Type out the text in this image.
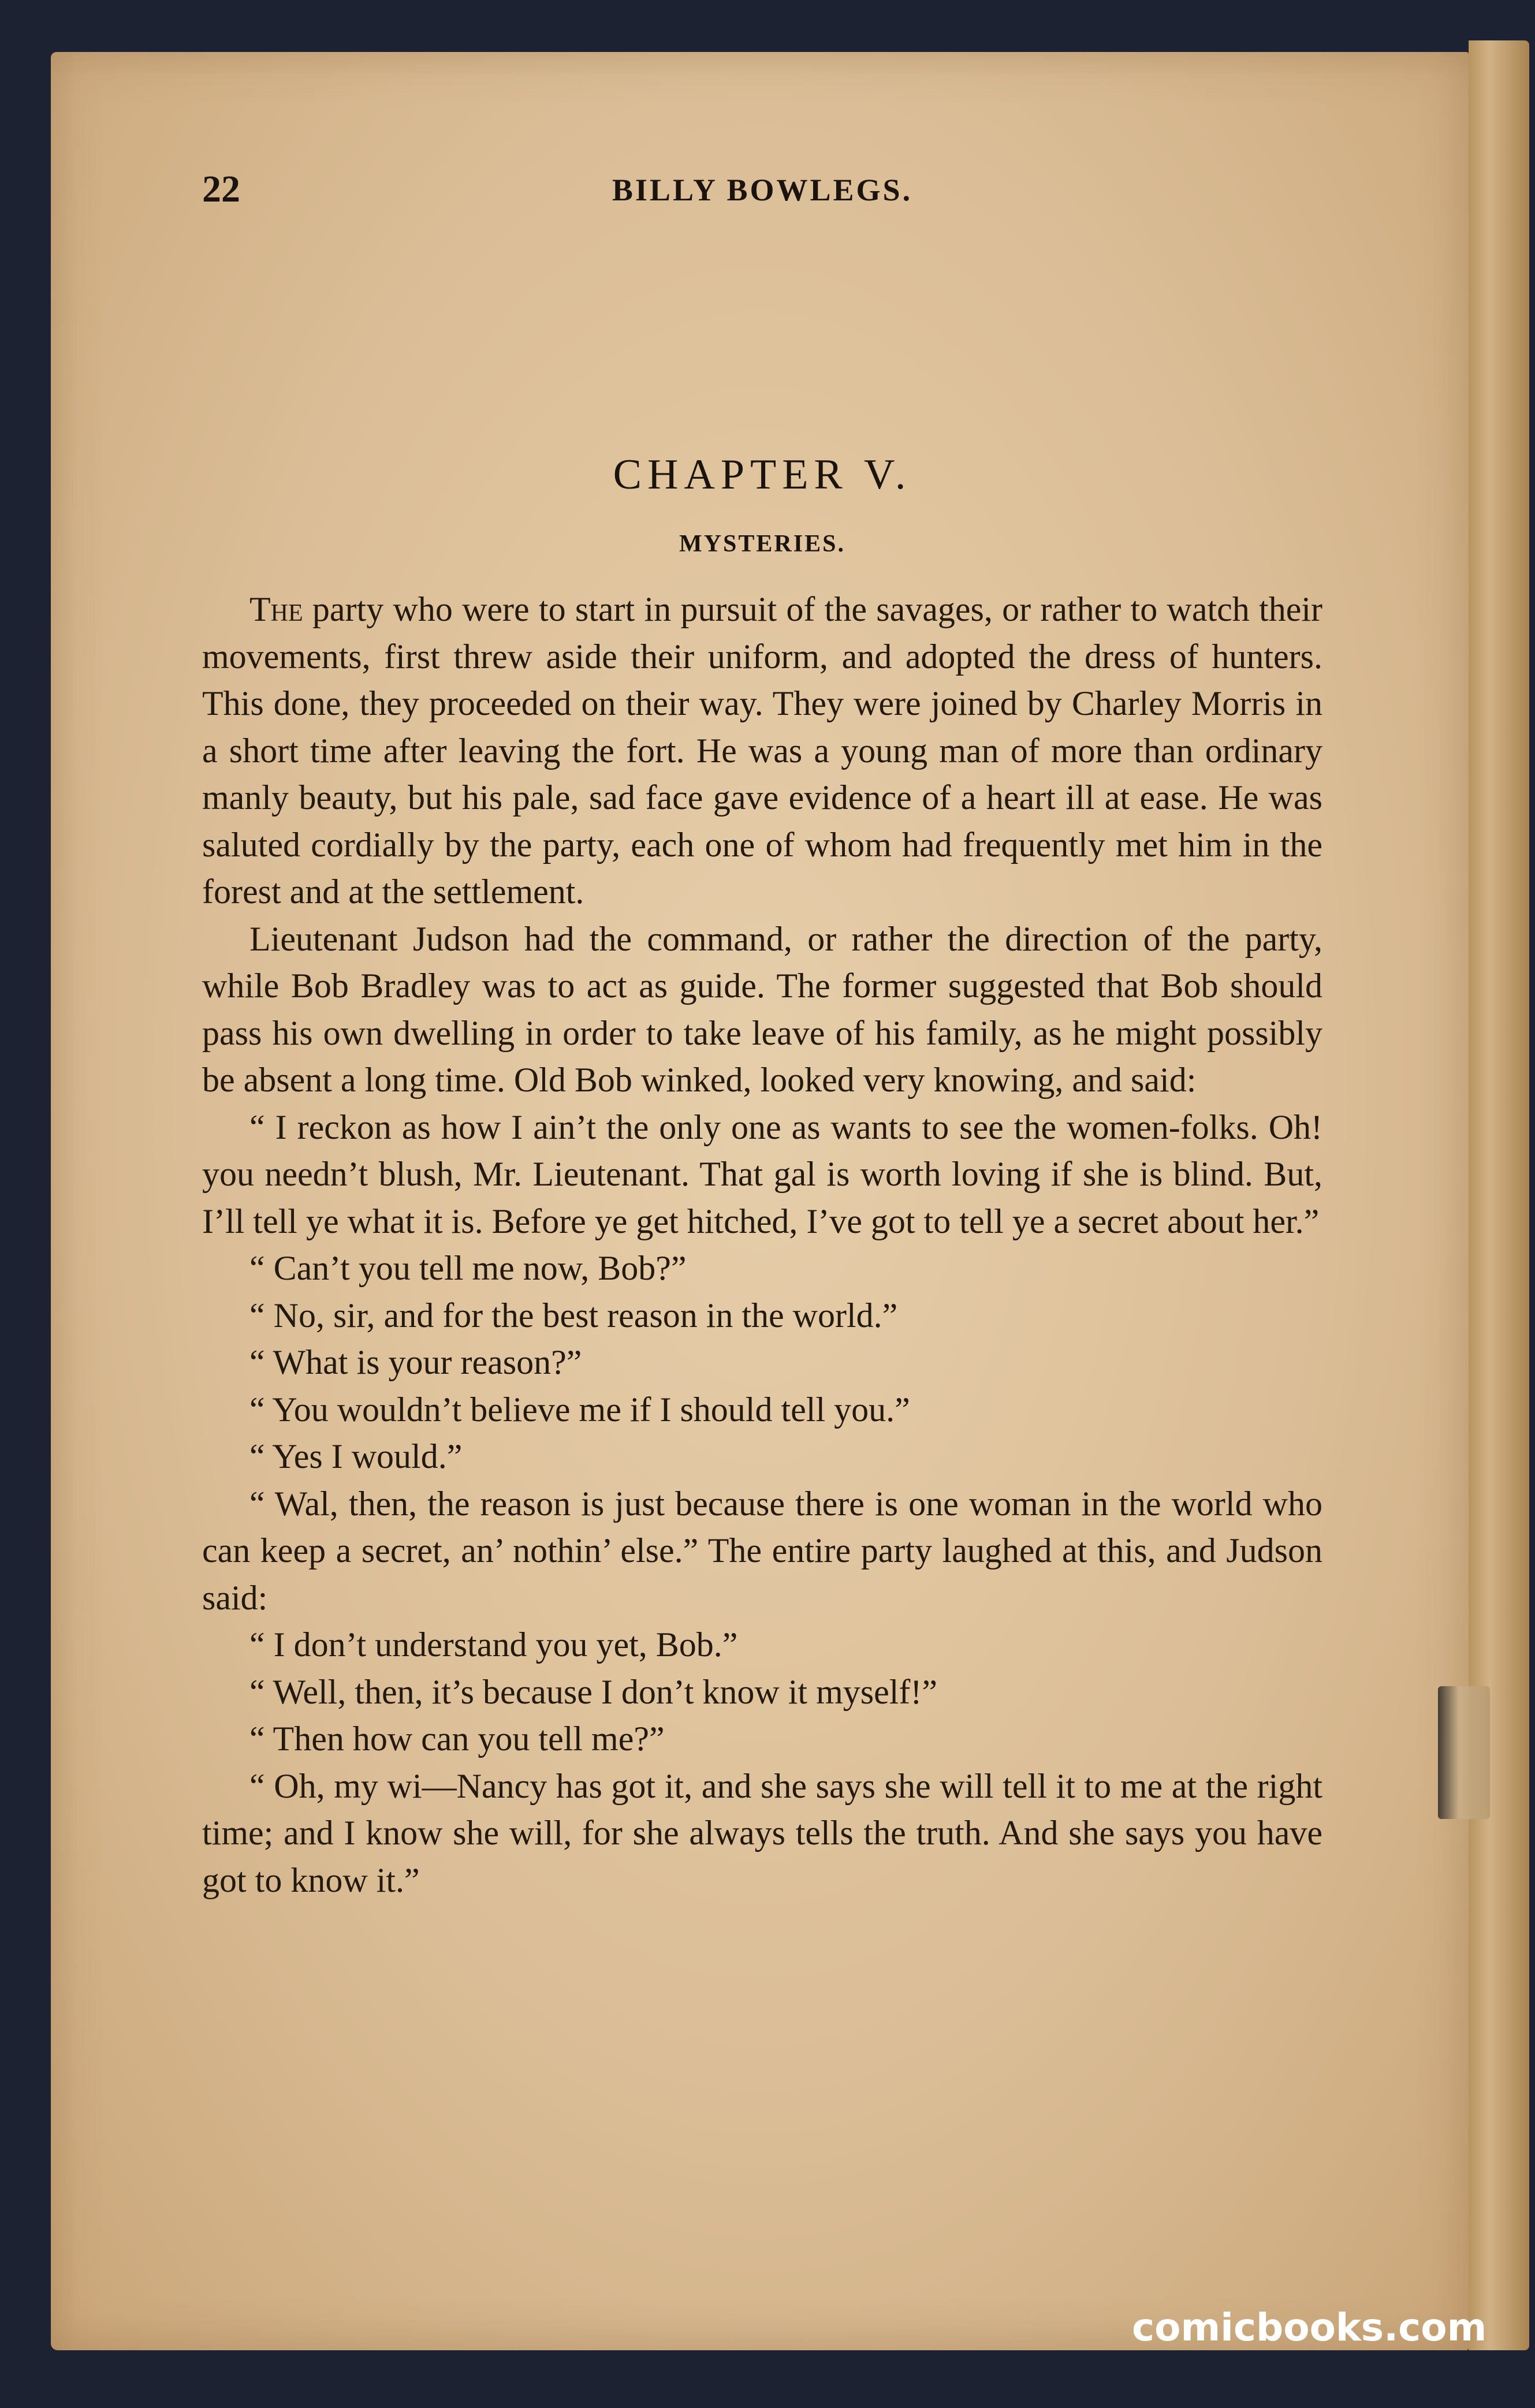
22	BILLY BOWLEGS.
CHAPTER V.
MYSTERIES.

The party who were to start in pursuit of the savages, or rather to watch their movements, first threw aside their uniform, and adopted the dress of hunters. This done, they proceeded on their way. They were joined by Charley Morris in a short time after leaving the fort. He was a young man of more than ordinary manly beauty, but his pale, sad face gave evidence of a heart ill at ease. He was saluted cordially by the party, each one of whom had frequently met him in the forest and at the settlement.

Lieutenant Judson had the command, or rather the direction of the party, while Bob Bradley was to act as guide. The former suggested that Bob should pass his own dwelling in order to take leave of his family, as he might possibly be absent a long time. Old Bob winked, looked very knowing, and said:

“ I reckon as how I ain’t the only one as wants to see the women-folks. Oh! you needn’t blush, Mr. Lieutenant. That gal is worth loving if she is blind. But, I’ll tell ye what it is. Before ye get hitched, I’ve got to tell ye a secret about her.”

“ Can’t you tell me now, Bob?”

“ No, sir, and for the best reason in the world.”

“ What is your reason?”

“ You wouldn’t believe me if I should tell you.”

“ Yes I would.”

“ Wal, then, the reason is just because there is one woman in the world who can keep a secret, an’ nothin’ else.” The entire party laughed at this, and Judson said:

“ I don’t understand you yet, Bob.”

“ Well, then, it’s because I don’t know it myself!”

“ Then how can you tell me?”

“ Oh, my wi—Nancy has got it, and she says she will tell it to me at the right time; and I know she will, for she always tells the truth. And she says you have got to know it.”

comicbooks.com
